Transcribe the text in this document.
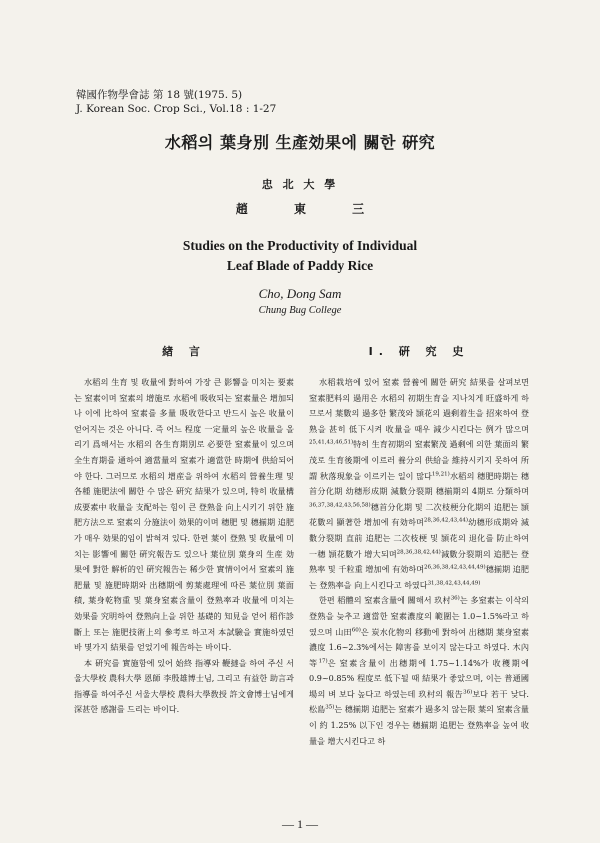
韓國作物學會誌 第 18 號(1975. 5)
J. Korean Soc. Crop Sci., Vol.18 : 1-27
水稻의 葉身別 生產効果에 關한 硏究
忠 北 大 學
趙 東 三
Studies on the Productivity of Individual
Leaf Blade of Paddy Rice
Cho, Dong Sam
Chung Bug College
緖 言

水稻의 生育 및 收量에 對하여 가장 큰 影響을 미치는 要素는 窒素이며 窒素의 增施로 水稻에 吸收되는 窒素量은 增加되나 이에 比하여 窒素를 多量 吸收한다고 반드시 높은 收量이 얻어지는 것은 아니다. 즉 어느 程度 一定量의 높은 收量을 올리기 爲해서는 水稻의 各生育期別로 必要한 窒素量이 있으며 全生育期를 通하여 適當量의 窒素가 適當한 時期에 供給되어야 한다. 그러므로 水稻의 增産을 위하여 水稻의 營養生理 및 各種 施肥法에 關한 수 많은 硏究 結果가 있으며, 特히 收量構成要素中 收量을 支配하는 힘이 큰 登熟율 向上시키기 위한 施肥方法으로 窒素의 分施法이 効果的이며 穗肥 및 穗揃期 追肥가 매우 効果的임이 밝혀져 있다. 한편 葉이 登熟 및 收量에 미치는 影響에 關한 硏究報告도 있으나 葉位別 葉身의 生産 効果에 對한 解析的인 硏究報告는 稀少한 實情이어서 窒素의 施肥量 및 施肥時期와 出穗期에 剪葉處理에 따른 葉位別 葉面積, 葉身乾物重 및 葉身窒素含量이 登熟率과 收量에 미치는 効果를 究明하여 登熟向上을 위한 基礎的 知見을 얻어 稻作診斷上 또는 施肥技術上의 參考로 하고저 本試驗을 實施하였던바 몇가지 結果를 얻었기에 報告하는 바이다.

本 硏究를 實施함에 있어 始終 指導와 鞭撻을 하여 주신 서울大學校 農科大學 恩師 李殷雄博士님, 그리고 有益한 助言과 指導를 하여주신 서울大學校 農科大學敎授 許文會博士님에게 深甚한 感謝를 드리는 바이다.

I. 硏 究 史

水稻栽培에 있어 窒素 營養에 關한 硏究 結果를 살펴보면 窒素肥料의 過用은 水稻의 初期生育을 지나치게 旺盛하게 하므로서 葉數의 過多한 繁茂와 頴花의 過剩着生을 招來하여 登熟을 甚히 低下시켜 收量을 때우 減少시킨다는 例가 많으며$^{25,41,43,46,51)}$特히 生育初期의 窒素繁茂 過剩에 의한 葉面의 繁茂로 生育後期에 이르러 養分의 供給을 維持시키지 못하여 所謂 秋落現象을 이르키는 일이 많다$^{19,21)}$水稻의 穗肥時期는 穗首分化期 幼穗形成期 減數分裂期 穗揃期의 4期로 分類하며$^{36,37,38,42,43,56,58)}$穗首分化期 및 二次枝梗分化期의 追肥는 頴花數의 顯著한 增加에 有効하며$^{28,36,42,43,44)}$幼穗形成期와 減數分裂期 直前 追肥는 二次枝梗 및 頴花의 退化를 防止하여 一穗 頴花數가 增大되며$^{28,36,38,42,44)}$減數分裂期의 追肥는 登熟率 및 千粒重 增加에 有効하며$^{26,36,38,42,43,44,49)}$穗揃期 追肥는 登熟率을 向上시킨다고 하였다$^{31,38,42,43,44,49)}$

한편 稻體의 窒素含量에 關해서 玖村$^{36)}$는 多窒素는 이삭의 登熟을 늦추고 適當한 窒素濃度의 範圍는 1.0~1.5%라고 하였으며 山田$^{60)}$은 炭水化物의 移動에 對하여 出穗期 葉身窒素 濃度 1.6~2.3%에서는 障害를 보이지 않는다고 하였다. 木內等$^{17)}$은 窒素含量이 出穗期에 1.75~1.14%가 收穫期에 0.9~0.85% 程度로 低下될 때 結果가 좋았으며, 이는 普通國場의 벼 보다 높다고 하였는데 玖村의 報告$^{36)}$보다 若干 낮다. 松島$^{35)}$는 穗揃期 追肥는 窒素가 過多치 않는限 葉의 窒素含量이 約 1.25% 以下인 경우는 穗揃期 追肥는 登熟率을 높여 收量을 增大시킨다고 하

— 1 —
